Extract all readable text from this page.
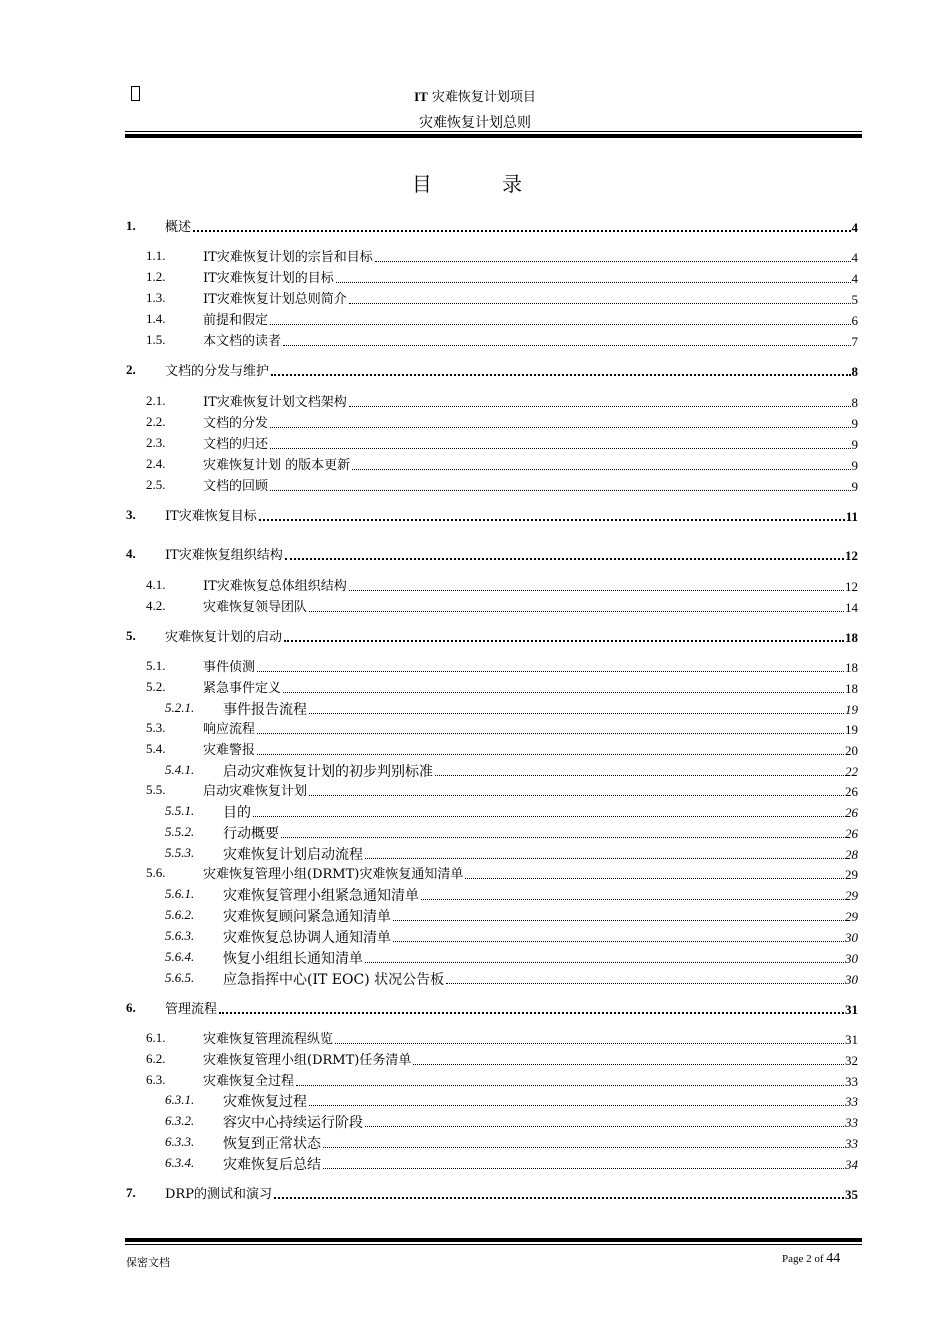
IT 灾难恢复计划项目
灾难恢复计划总则
目 录
1. 概述	4
1.1.	IT灾难恢复计划的宗旨和目标	4
1.2.	IT灾难恢复计划的目标	4
1.3.	IT灾难恢复计划总则简介	5
1.4.	前提和假定	6
1.5.	本文档的读者	7
2. 文档的分发与维护	8
2.1.	IT灾难恢复计划文档架构	8
2.2.	文档的分发	9
2.3.	文档的归还	9
2.4.	灾难恢复计划 的版本更新	9
2.5.	文档的回顾	9
3. IT灾难恢复目标	11
4. IT灾难恢复组织结构	12
4.1.	IT灾难恢复总体组织结构	12
4.2.	灾难恢复领导团队	14
5. 灾难恢复计划的启动	18
5.1.	事件侦测	18
5.2.	紧急事件定义	18
5.2.1. 事件报告流程	19
5.3.	响应流程	19
5.4.	灾难警报	20
5.4.1. 启动灾难恢复计划的初步判别标准	22
5.5.	启动灾难恢复计划	26
5.5.1. 目的	26
5.5.2. 行动概要	26
5.5.3. 灾难恢复计划启动流程	28
5.6.	灾难恢复管理小组(DRMT)灾难恢复通知清单	29
5.6.1. 灾难恢复管理小组紧急通知清单	29
5.6.2. 灾难恢复顾问紧急通知清单	29
5.6.3. 灾难恢复总协调人通知清单	30
5.6.4. 恢复小组组长通知清单	30
5.6.5. 应急指挥中心(IT EOC) 状况公告板	30
6. 管理流程	31
6.1.	灾难恢复管理流程纵览	31
6.2.	灾难恢复管理小组(DRMT)任务清单	32
6.3.	灾难恢复全过程	33
6.3.1. 灾难恢复过程	33
6.3.2. 容灾中心持续运行阶段	33
6.3.3. 恢复到正常状态	33
6.3.4. 灾难恢复后总结	34
7. DRP的测试和演习	35
保密文档	Page 2 of 44
